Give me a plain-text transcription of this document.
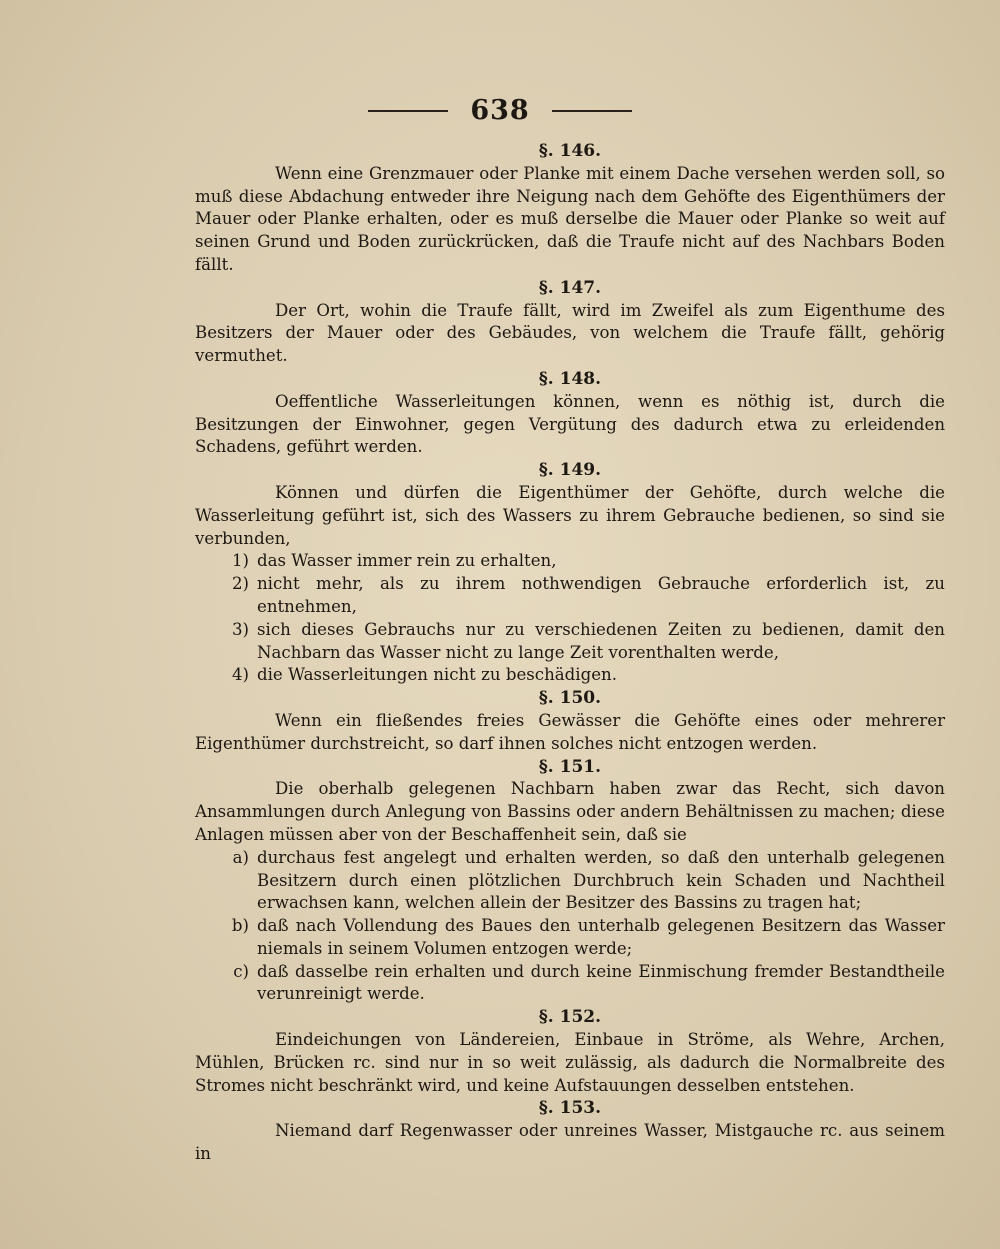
638
§. 146.

Wenn eine Grenzmauer oder Planke mit einem Dache versehen werden soll, so muß diese Abdachung entweder ihre Neigung nach dem Gehöfte des Eigenthümers der Mauer oder Planke erhalten, oder es muß derselbe die Mauer oder Planke so weit auf seinen Grund und Boden zurückrücken, daß die Traufe nicht auf des Nachbars Boden fällt.

§. 147.

Der Ort, wohin die Traufe fällt, wird im Zweifel als zum Eigenthume des Besitzers der Mauer oder des Gebäudes, von welchem die Traufe fällt, gehörig vermuthet.

§. 148.

Oeffentliche Wasserleitungen können, wenn es nöthig ist, durch die Besitzungen der Einwohner, gegen Vergütung des dadurch etwa zu erleidenden Schadens, geführt werden.

§. 149.

Können und dürfen die Eigenthümer der Gehöfte, durch welche die Wasserleitung geführt ist, sich des Wassers zu ihrem Gebrauche bedienen, so sind sie verbunden,

1) das Wasser immer rein zu erhalten,
2) nicht mehr, als zu ihrem nothwendigen Gebrauche erforderlich ist, zu entnehmen,
3) sich dieses Gebrauchs nur zu verschiedenen Zeiten zu bedienen, damit den Nachbarn das Wasser nicht zu lange Zeit vorenthalten werde,
4) die Wasserleitungen nicht zu beschädigen.
§. 150.

Wenn ein fließendes freies Gewässer die Gehöfte eines oder mehrerer Eigenthümer durchstreicht, so darf ihnen solches nicht entzogen werden.

§. 151.

Die oberhalb gelegenen Nachbarn haben zwar das Recht, sich davon Ansammlungen durch Anlegung von Bassins oder andern Behältnissen zu machen; diese Anlagen müssen aber von der Beschaffenheit sein, daß sie

a) durchaus fest angelegt und erhalten werden, so daß den unterhalb gelegenen Besitzern durch einen plötzlichen Durchbruch kein Schaden und Nachtheil erwachsen kann, welchen allein der Besitzer des Bassins zu tragen hat;
b) daß nach Vollendung des Baues den unterhalb gelegenen Besitzern das Wasser niemals in seinem Volumen entzogen werde;
c) daß dasselbe rein erhalten und durch keine Einmischung fremder Bestandtheile verunreinigt werde.
§. 152.

Eindeichungen von Ländereien, Einbaue in Ströme, als Wehre, Archen, Mühlen, Brücken rc. sind nur in so weit zulässig, als dadurch die Normalbreite des Stromes nicht beschränkt wird, und keine Aufstauungen desselben entstehen.

§. 153.

Niemand darf Regenwasser oder unreines Wasser, Mistgauche rc. aus seinem in
